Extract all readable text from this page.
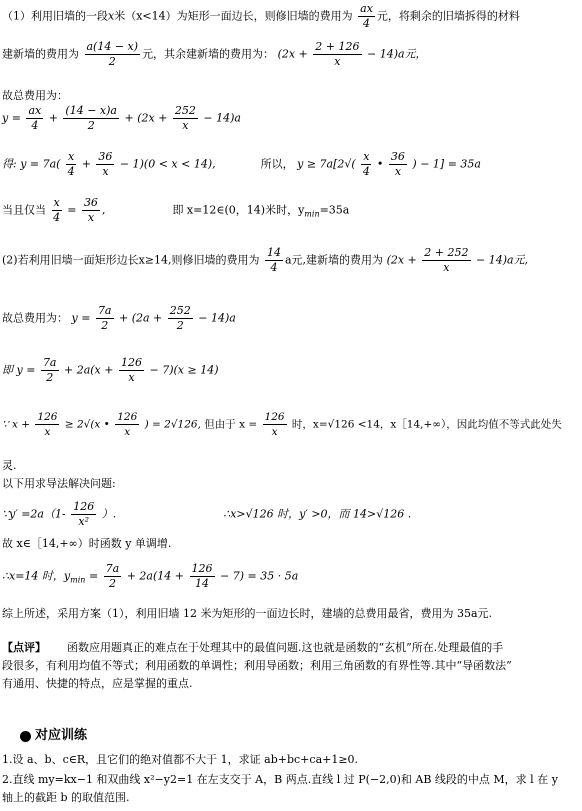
（1）利用旧墙的一段x米（x<14）为矩形一面边长，则修旧墙的费用为 $\frac{ax}{4}$ 元，将剩余的旧墙拆得的材料
建新墙的费用为 $\frac{a(14 - x)}{2}$ 元，其余建新墙的费用为： $(2x + \frac{2 + 126}{x} - 14)a$元，
故总费用为：
$y = \frac{ax}{4} + \frac{(14 - x)a}{2} + (2x + \frac{252}{x} - 14)a$
得: $y = 7a( \frac{x}{4} + \frac{36}{x} - 1)(0 < x < 14)$,	所以， $y \ge 7a[2√( \frac{x}{4}$ • $\frac{36}{x}$ ) − 1] = 35a
当且仅当 $\frac{x}{4} = \frac{36}{x}$ ,	即 x=12∈(0，14)米时，$y_{min}=35a$
(2)若利用旧墙一面矩形边长x≥14,则修旧墙的费用为 $\frac{14}{4}$ a元,建新墙的费用为 $(2x + \frac{2 + 252}{x} - 14)a$元,
故总费用为： $y = \frac{7a}{2} + (2a + \frac{252}{2} - 14)a$
即 $y = \frac{7a}{2} + 2a(x + \frac{126}{x} - 7)(x \ge 14)$
∵ $x + \frac{126}{x} \ge 2√(x$ • $\frac{126}{x}$ ) = 2√126, 但由于 $x = \frac{126}{x}$ 时，x=√126 <14，x［14,+∞），因此均值不等式此处失
灵.
以下用求导法解决问题:
∵y′ $=2a(1- \frac{126}{\text{x²}}$ ）.	∴x>√126 时，y′ >0，而 14>√126 .
故 x∈［14,+∞）时函数 y 单调增.
∴x=14 时，$y_{min} = \frac{7a}{2} + 2a(14 + \frac{126}{14} - 7) = 35 \cdot 5a$
综上所述，采用方案（1），利用旧墙 12 米为矩形的一面边长时，建墙的总费用最省，费用为 35a元.
【点评】 函数应用题真正的难点在于处理其中的最值问题.这也就是函数的“玄机”所在.处理最值的手
段很多，有利用均值不等式；利用函数的单调性；利用导函数；利用三角函数的有界性等.其中“导函数法”
有通用、快捷的特点，应是掌握的重点.
对应训练
1.设 a、b、c∈R，且它们的绝对值都不大于 1，求证 ab+bc+ca+1≥0.
2.直线 my=kx−1 和双曲线 x²−y2=1 在左支交于 A，B 两点.直线 l 过 P(−2,0)和 AB 线段的中点 M，求 l 在 y
轴上的截距 b 的取值范围.
